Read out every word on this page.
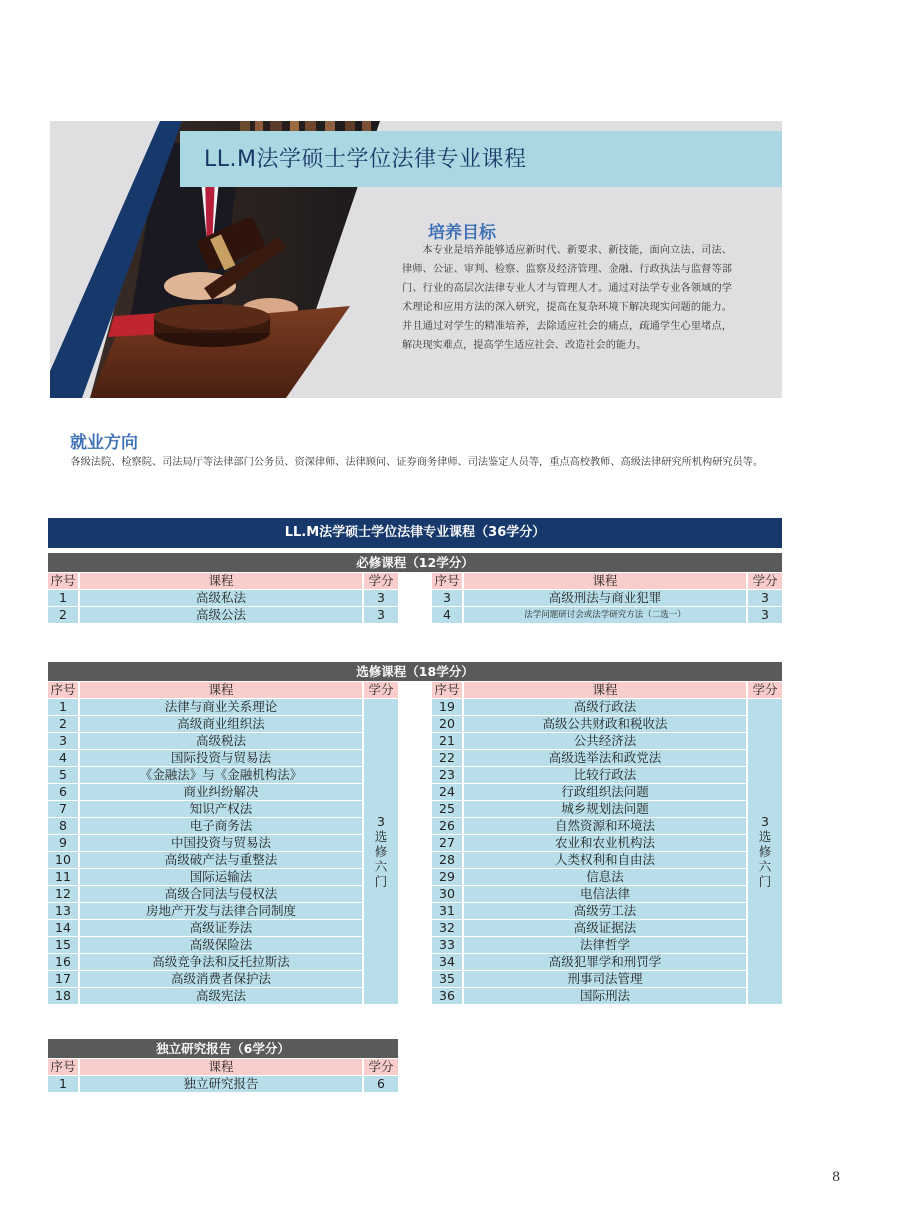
LL.M法学硕士学位法律专业课程
培养目标
本专业是培养能够适应新时代、新要求、新技能，面向立法、司法、律师、公证、审判、检察、监察及经济管理、金融、行政执法与监督等部门、行业的高层次法律专业人才与管理人才。通过对法学专业各领域的学术理论和应用方法的深入研究，提高在复杂环境下解决现实问题的能力。并且通过对学生的精准培养，去除适应社会的痛点，疏通学生心里堵点，解决现实难点，提高学生适应社会、改造社会的能力。
就业方向
各级法院、检察院、司法局厅等法律部门公务员、资深律师、法律顾问、证券商务律师、司法鉴定人员等，重点高校教师、高级法律研究所机构研究员等。
LL.M法学硕士学位法律专业课程（36学分）
必修课程（12学分）
序号	课程	学分
1	高级私法	3
2	高级公法	3
序号	课程	学分
3	高级刑法与商业犯罪	3
4	法学问题研讨会或法学研究方法（二选一）	3
选修课程（18学分）
序号	课程	学分
1	法律与商业关系理论
2	高级商业组织法
3	高级税法
4	国际投资与贸易法
5	《金融法》与《金融机构法》
6	商业纠纷解决
7	知识产权法
8	电子商务法
9	中国投资与贸易法
10	高级破产法与重整法
11	国际运输法
12	高级合同法与侵权法
13	房地产开发与法律合同制度
14	高级证券法
15	高级保险法
16	高级竞争法和反托拉斯法
17	高级消费者保护法
18	高级宪法
3选修六门
序号	课程	学分
19	高级行政法
20	高级公共财政和税收法
21	公共经济法
22	高级选举法和政党法
23	比较行政法
24	行政组织法问题
25	城乡规划法问题
26	自然资源和环境法
27	农业和农业机构法
28	人类权利和自由法
29	信息法
30	电信法律
31	高级劳工法
32	高级证据法
33	法律哲学
34	高级犯罪学和刑罚学
35	刑事司法管理
36	国际刑法
3选修六门
独立研究报告（6学分）
序号	课程	学分
1	独立研究报告	6
8
